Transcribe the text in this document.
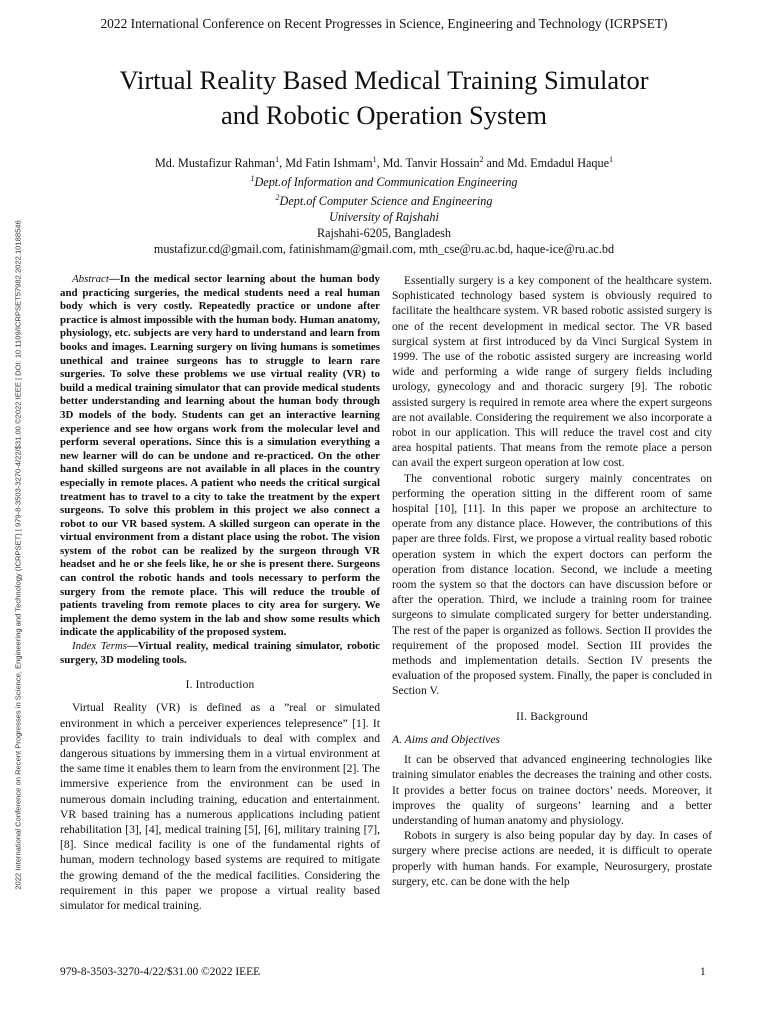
2022 International Conference on Recent Progresses in Science, Engineering and Technology (ICRPSET)
2022 International Conference on Recent Progresses in Science, Engineering and Technology (ICRPSET) | 979-8-3503-3270-4/22/$31.00 ©2022 IEEE | DOI: 10.1109/ICRPSET57982.2022.10188546
Virtual Reality Based Medical Training Simulator
and Robotic Operation System
Md. Mustafizur Rahman$^1$, Md Fatin Ishmam$^1$, Md. Tanvir Hossain$^2$ and Md. Emdadul Haque$^1$
$^1$Dept.of Information and Communication Engineering
$^2$Dept.of Computer Science and Engineering
University of Rajshahi
Rajshahi-6205, Bangladesh
mustafizur.cd@gmail.com, fatinishmam@gmail.com, mth_cse@ru.ac.bd, haque-ice@ru.ac.bd

Abstract—In the medical sector learning about the human body and practicing surgeries, the medical students need a real human body which is very costly. Repeatedly practice or undone after practice is almost impossible with the human body. Human anatomy, physiology, etc. subjects are very hard to understand and learn from books and images. Learning surgery on living humans is sometimes unethical and trainee surgeons has to struggle to learn rare surgeries. To solve these problems we use virtual reality (VR) to build a medical training simulator that can provide medical students better understanding and learning about the human body through 3D models of the body. Students can get an interactive learning experience and see how organs work from the molecular level and perform several operations. Since this is a simulation everything a new learner will do can be undone and re-practiced. On the other hand skilled surgeons are not available in all places in the country especially in remote places. A patient who needs the critical surgical treatment has to travel to a city to take the treatment by the expert surgeons. To solve this problem in this project we also connect a robot to our VR based system. A skilled surgeon can operate in the virtual environment from a distant place using the robot. The vision system of the robot can be realized by the surgeon through VR headset and he or she feels like, he or she is present there. Surgeons can control the robotic hands and tools necessary to perform the surgery from the remote place. This will reduce the trouble of patients traveling from remote places to city area for surgery. We implement the demo system in the lab and show some results which indicate the applicability of the proposed system.

Index Terms—Virtual reality, medical training simulator, robotic surgery, 3D modeling tools.

I. Introduction

Virtual Reality (VR) is defined as a ”real or simulated environment in which a perceiver experiences telepresence” [1]. It provides facility to train individuals to deal with complex and dangerous situations by immersing them in a virtual environment at the same time it enables them to learn from the environment [2]. The immersive experience from the environment can be used in numerous domain including training, education and entertainment. VR based training has a numerous applications including patient rehabilitation [3], [4], medical training [5], [6], military training [7], [8]. Since medical facility is one of the fundamental rights of human, modern technology based systems are required to mitigate the growing demand of the the medical facilities. Considering the requirement in this paper we propose a virtual reality based simulator for medical training.

Essentially surgery is a key component of the healthcare system. Sophisticated technology based system is obviously required to facilitate the healthcare system. VR based robotic assisted surgery is one of the recent development in medical sector. The VR based surgical system at first introduced by da Vinci Surgical System in 1999. The use of the robotic assisted surgery are increasing world wide and performing a wide range of surgery fields including urology, gynecology and and thoracic surgery [9]. The robotic assisted surgery is required in remote area where the expert surgeons are not available. Considering the requirement we also incorporate a robot in our application. This will reduce the travel cost and city area hospital patients. That means from the remote place a person can avail the expert surgeon operation at low cost.

The conventional robotic surgery mainly concentrates on performing the operation sitting in the different room of same hospital [10], [11]. In this paper we propose an architecture to operate from any distance place. However, the contributions of this paper are three folds. First, we propose a virtual reality based robotic operation system in which the expert doctors can perform the operation from distance location. Second, we include a meeting room the system so that the doctors can have discussion before or after the operation. Third, we include a training room for trainee surgeons to simulate complicated surgery for better understanding. The rest of the paper is organized as follows. Section II provides the requirement of the proposed model. Section III provides the methods and implementation details. Section IV presents the evaluation of the proposed system. Finally, the paper is concluded in Section V.

II. Background
A. Aims and Objectives

It can be observed that advanced engineering technologies like training simulator enables the decreases the training and other costs. It provides a better focus on trainee doctors’ needs. Moreover, it improves the quality of surgeons’ learning and a better understanding of human anatomy and physiology.

Robots in surgery is also being popular day by day. In cases of surgery where precise actions are needed, it is difficult to operate properly with human hands. For example, Neurosurgery, prostate surgery, etc. can be done with the help

979-8-3503-3270-4/22/$31.00 ©2022 IEEE	1
